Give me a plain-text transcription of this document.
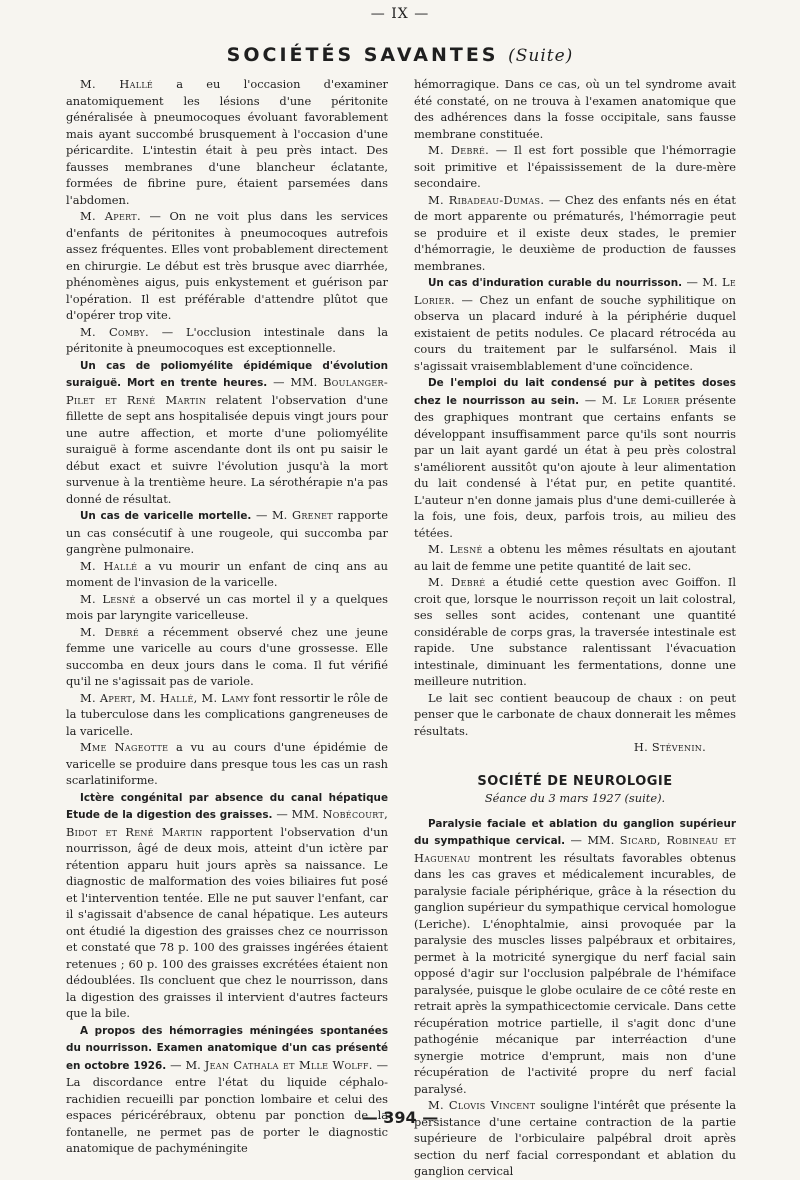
— IX —
SOCIÉTÉS SAVANTES (Suite)

M. Hallé a eu l'occasion d'examiner anatomiquement les lésions d'une péritonite généralisée à pneumocoques évoluant favorablement mais ayant succombé brusquement à l'occasion d'une péricardite. L'intestin était à peu près intact. Des fausses membranes d'une blancheur éclatante, formées de fibrine pure, étaient parsemées dans l'abdomen.

M. Apert. — On ne voit plus dans les services d'enfants de péritonites à pneumocoques autrefois assez fréquentes. Elles vont probablement directement en chirurgie. Le début est très brusque avec diarrhée, phénomènes aigus, puis enkystement et guérison par l'opération. Il est préférable d'attendre plûtot que d'opérer trop vite.

M. Comby. — L'occlusion intestinale dans la péritonite à pneumocoques est exceptionnelle.

Un cas de poliomyélite épidémique d'évolution suraiguë. Mort en trente heures. — MM. Boulanger-Pilet et René Martin relatent l'observation d'une fillette de sept ans hospitalisée depuis vingt jours pour une autre affection, et morte d'une poliomyélite suraiguë à forme ascendante dont ils ont pu saisir le début exact et suivre l'évolution jusqu'à la mort survenue à la trentième heure. La sérothérapie n'a pas donné de résultat.

Un cas de varicelle mortelle. — M. Grenet rapporte un cas consécutif à une rougeole, qui succomba par gangrène pulmonaire.

M. Hallé a vu mourir un enfant de cinq ans au moment de l'invasion de la varicelle.

M. Lesné a observé un cas mortel il y a quelques mois par laryngite varicelleuse.

M. Debré a récemment observé chez une jeune femme une varicelle au cours d'une grossesse. Elle succomba en deux jours dans le coma. Il fut vérifié qu'il ne s'agissait pas de variole.

M. Apert, M. Hallé, M. Lamy font ressortir le rôle de la tuberculose dans les complications gangreneuses de la varicelle.

Mme Nageotte a vu au cours d'une épidémie de varicelle se produire dans presque tous les cas un rash scarlatiniforme.

Ictère congénital par absence du canal hépatique Etude de la digestion des graisses. — MM. Nobécourt, Bidot et René Martin rapportent l'observation d'un nourrisson, âgé de deux mois, atteint d'un ictère par rétention apparu huit jours après sa naissance. Le diagnostic de malformation des voies biliaires fut posé et l'intervention tentée. Elle ne put sauver l'enfant, car il s'agissait d'absence de canal hépatique. Les auteurs ont étudié la digestion des graisses chez ce nourrisson et constaté que 78 p. 100 des graisses ingérées étaient retenues ; 60 p. 100 des graisses excrétées étaient non dédoublées. Ils concluent que chez le nourrisson, dans la digestion des graisses il intervient d'autres facteurs que la bile.

A propos des hémorragies méningées spontanées du nourrisson. Examen anatomique d'un cas présenté en octobre 1926. — M. Jean Cathala et Mlle Wolff. — La discordance entre l'état du liquide céphalo-rachidien recueilli par ponction lombaire et celui des espaces péricérébraux, obtenu par ponction de la fontanelle, ne permet pas de porter le diagnostic anatomique de pachyméningite

hémorragique. Dans ce cas, où un tel syndrome avait été constaté, on ne trouva à l'examen anatomique que des adhérences dans la fosse occipitale, sans fausse membrane constituée.

M. Debré. — Il est fort possible que l'hémorragie soit primitive et l'épaississement de la dure-mère secondaire.

M. Ribadeau-Dumas. — Chez des enfants nés en état de mort apparente ou prématurés, l'hémorragie peut se produire et il existe deux stades, le premier d'hémorragie, le deuxième de production de fausses membranes.

Un cas d'induration curable du nourrisson. — M. Le Lorier. — Chez un enfant de souche syphilitique on observa un placard induré à la périphérie duquel existaient de petits nodules. Ce placard rétrocéda au cours du traitement par le sulfarsénol. Mais il s'agissait vraisemblablement d'une coïncidence.

De l'emploi du lait condensé pur à petites doses chez le nourrisson au sein. — M. Le Lorier présente des graphiques montrant que certains enfants se développant insuffisamment parce qu'ils sont nourris par un lait ayant gardé un état à peu près colostral s'améliorent aussitôt qu'on ajoute à leur alimentation du lait condensé à l'état pur, en petite quantité. L'auteur n'en donne jamais plus d'une demi-cuillerée à la fois, une fois, deux, parfois trois, au milieu des tétées.

M. Lesné a obtenu les mêmes résultats en ajoutant au lait de femme une petite quantité de lait sec.

M. Debré a étudié cette question avec Goiffon. Il croit que, lorsque le nourrisson reçoit un lait colostral, ses selles sont acides, contenant une quantité considérable de corps gras, la traversée intestinale est rapide. Une substance ralentissant l'évacuation intestinale, diminuant les fermentations, donne une meilleure nutrition.

Le lait sec contient beaucoup de chaux : on peut penser que le carbonate de chaux donnerait les mêmes résultats.

H. Stévenin.

SOCIÉTÉ DE NEUROLOGIE
Séance du 3 mars 1927 (suite).

Paralysie faciale et ablation du ganglion supérieur du sympathique cervical. — MM. Sicard, Robineau et Haguenau montrent les résultats favorables obtenus dans les cas graves et médicalement incurables, de paralysie faciale périphérique, grâce à la résection du ganglion supérieur du sympathique cervical homologue (Leriche). L'énophtalmie, ainsi provoquée par la paralysie des muscles lisses palpébraux et orbitaires, permet à la motricité synergique du nerf facial sain opposé d'agir sur l'occlusion palpébrale de l'hémiface paralysée, puisque le globe oculaire de ce côté reste en retrait après la sympathicectomie cervicale. Dans cette récupération motrice partielle, il s'agit donc d'une pathogénie mécanique par interréaction d'une synergie motrice d'emprunt, mais non d'une récupération de l'activité propre du nerf facial paralysé.

M. Clovis Vincent souligne l'intérêt que présente la persistance d'une certaine contraction de la partie supérieure de l'orbiculaire palpébral droit après section du nerf facial correspondant et ablation du ganglion cervical

— 394 —
